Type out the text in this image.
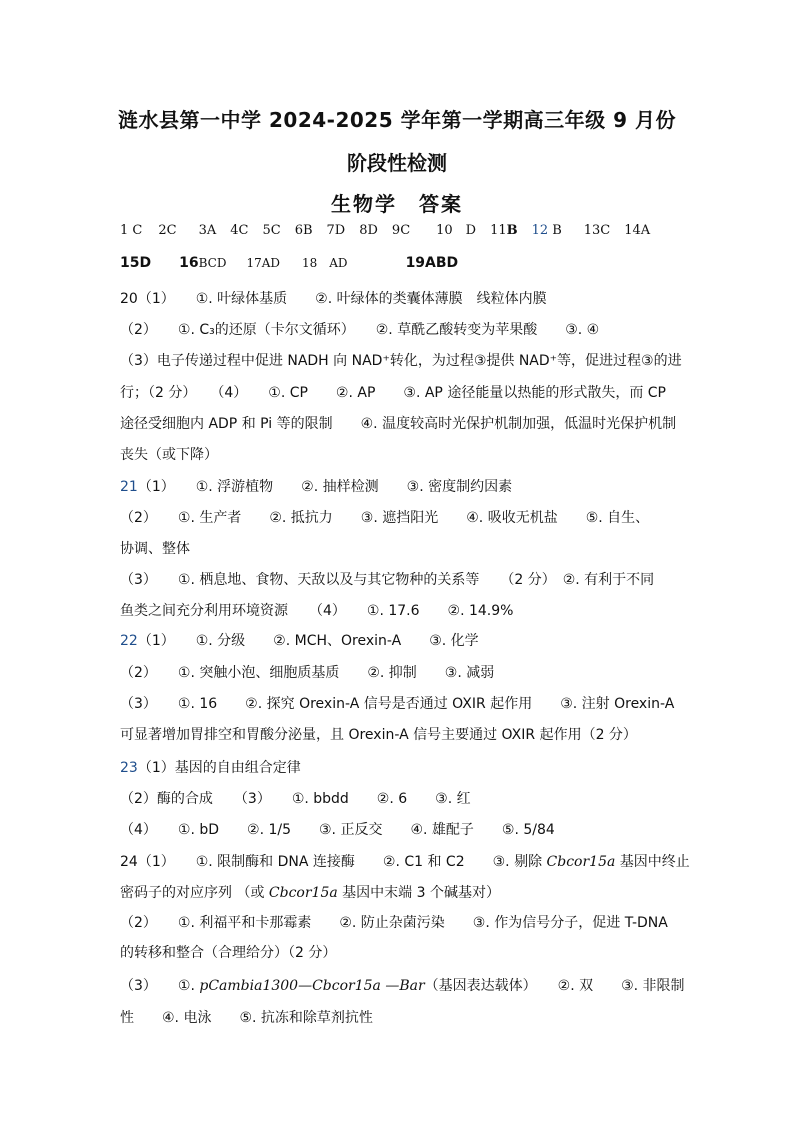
涟水县第一中学 2024-2025 学年第一学期高三年级 9 月份
阶段性检测
生物学　答案
1 C 2C 3A 4C 5C 6B 7D 8D 9C 10　D 11B 12 B 13C 14A
15D 16BCD 17AD 18　AD	19ABD
20（1）　　①. 叶绿体基质　　②. 叶绿体的类囊体薄膜　线粒体内膜
（2）　　①. C₃的还原（卡尔文循环）　　②. 草酰乙酸转变为苹果酸　　③. ④
（3）电子传递过程中促进 NADH 向 NAD⁺转化，为过程③提供 NAD⁺等，促进过程③的进
行；（2 分）　　（4）　　①. CP　　②. AP　　③. AP 途径能量以热能的形式散失，而 CP
途径受细胞内 ADP 和 Pi 等的限制　　④. 温度较高时光保护机制加强，低温时光保护机制
丧失（或下降）
21（1）　　①. 浮游植物　　②. 抽样检测　　③. 密度制约因素
（2）　　①. 生产者　　②. 抵抗力　　③. 遮挡阳光　　④. 吸收无机盐　　⑤. 自生、
协调、整体
（3）　　①. 栖息地、食物、天敌以及与其它物种的关系等　　（2 分）　②. 有利于不同
鱼类之间充分利用环境资源　　（4）　　①. 17.6　　②. 14.9%
22（1）　　①. 分级　　②. MCH、Orexin-A　　③. 化学
（2）　　①. 突触小泡、细胞质基质　　②. 抑制　　③. 减弱
（3）　　①. 16　　②. 探究 Orexin-A 信号是否通过 OXIR 起作用　　③. 注射 Orexin-A
可显著增加胃排空和胃酸分泌量，且 Orexin-A 信号主要通过 OXIR 起作用（2 分）
23（1）基因的自由组合定律
（2）酶的合成　　（3）　　①. bbdd　　②. 6　　③. 红
（4）　　①. bD　　②. 1/5　　③. 正反交　　④. 雄配子　　⑤. 5/84
24（1）　　①. 限制酶和 DNA 连接酶　　②. C1 和 C2　　③. 剔除 Cbcor15a 基因中终止
密码子的对应序列 （或 Cbcor15a 基因中末端 3 个碱基对）
（2）　　①. 利福平和卡那霉素　　②. 防止杂菌污染　　③. 作为信号分子，促进 T-DNA
的转移和整合（合理给分）（2 分）
（3）　　①. pCambia1300—Cbcor15a —Bar（基因表达载体）　　②. 双　　③. 非限制
性　　④. 电泳　　⑤. 抗冻和除草剂抗性
